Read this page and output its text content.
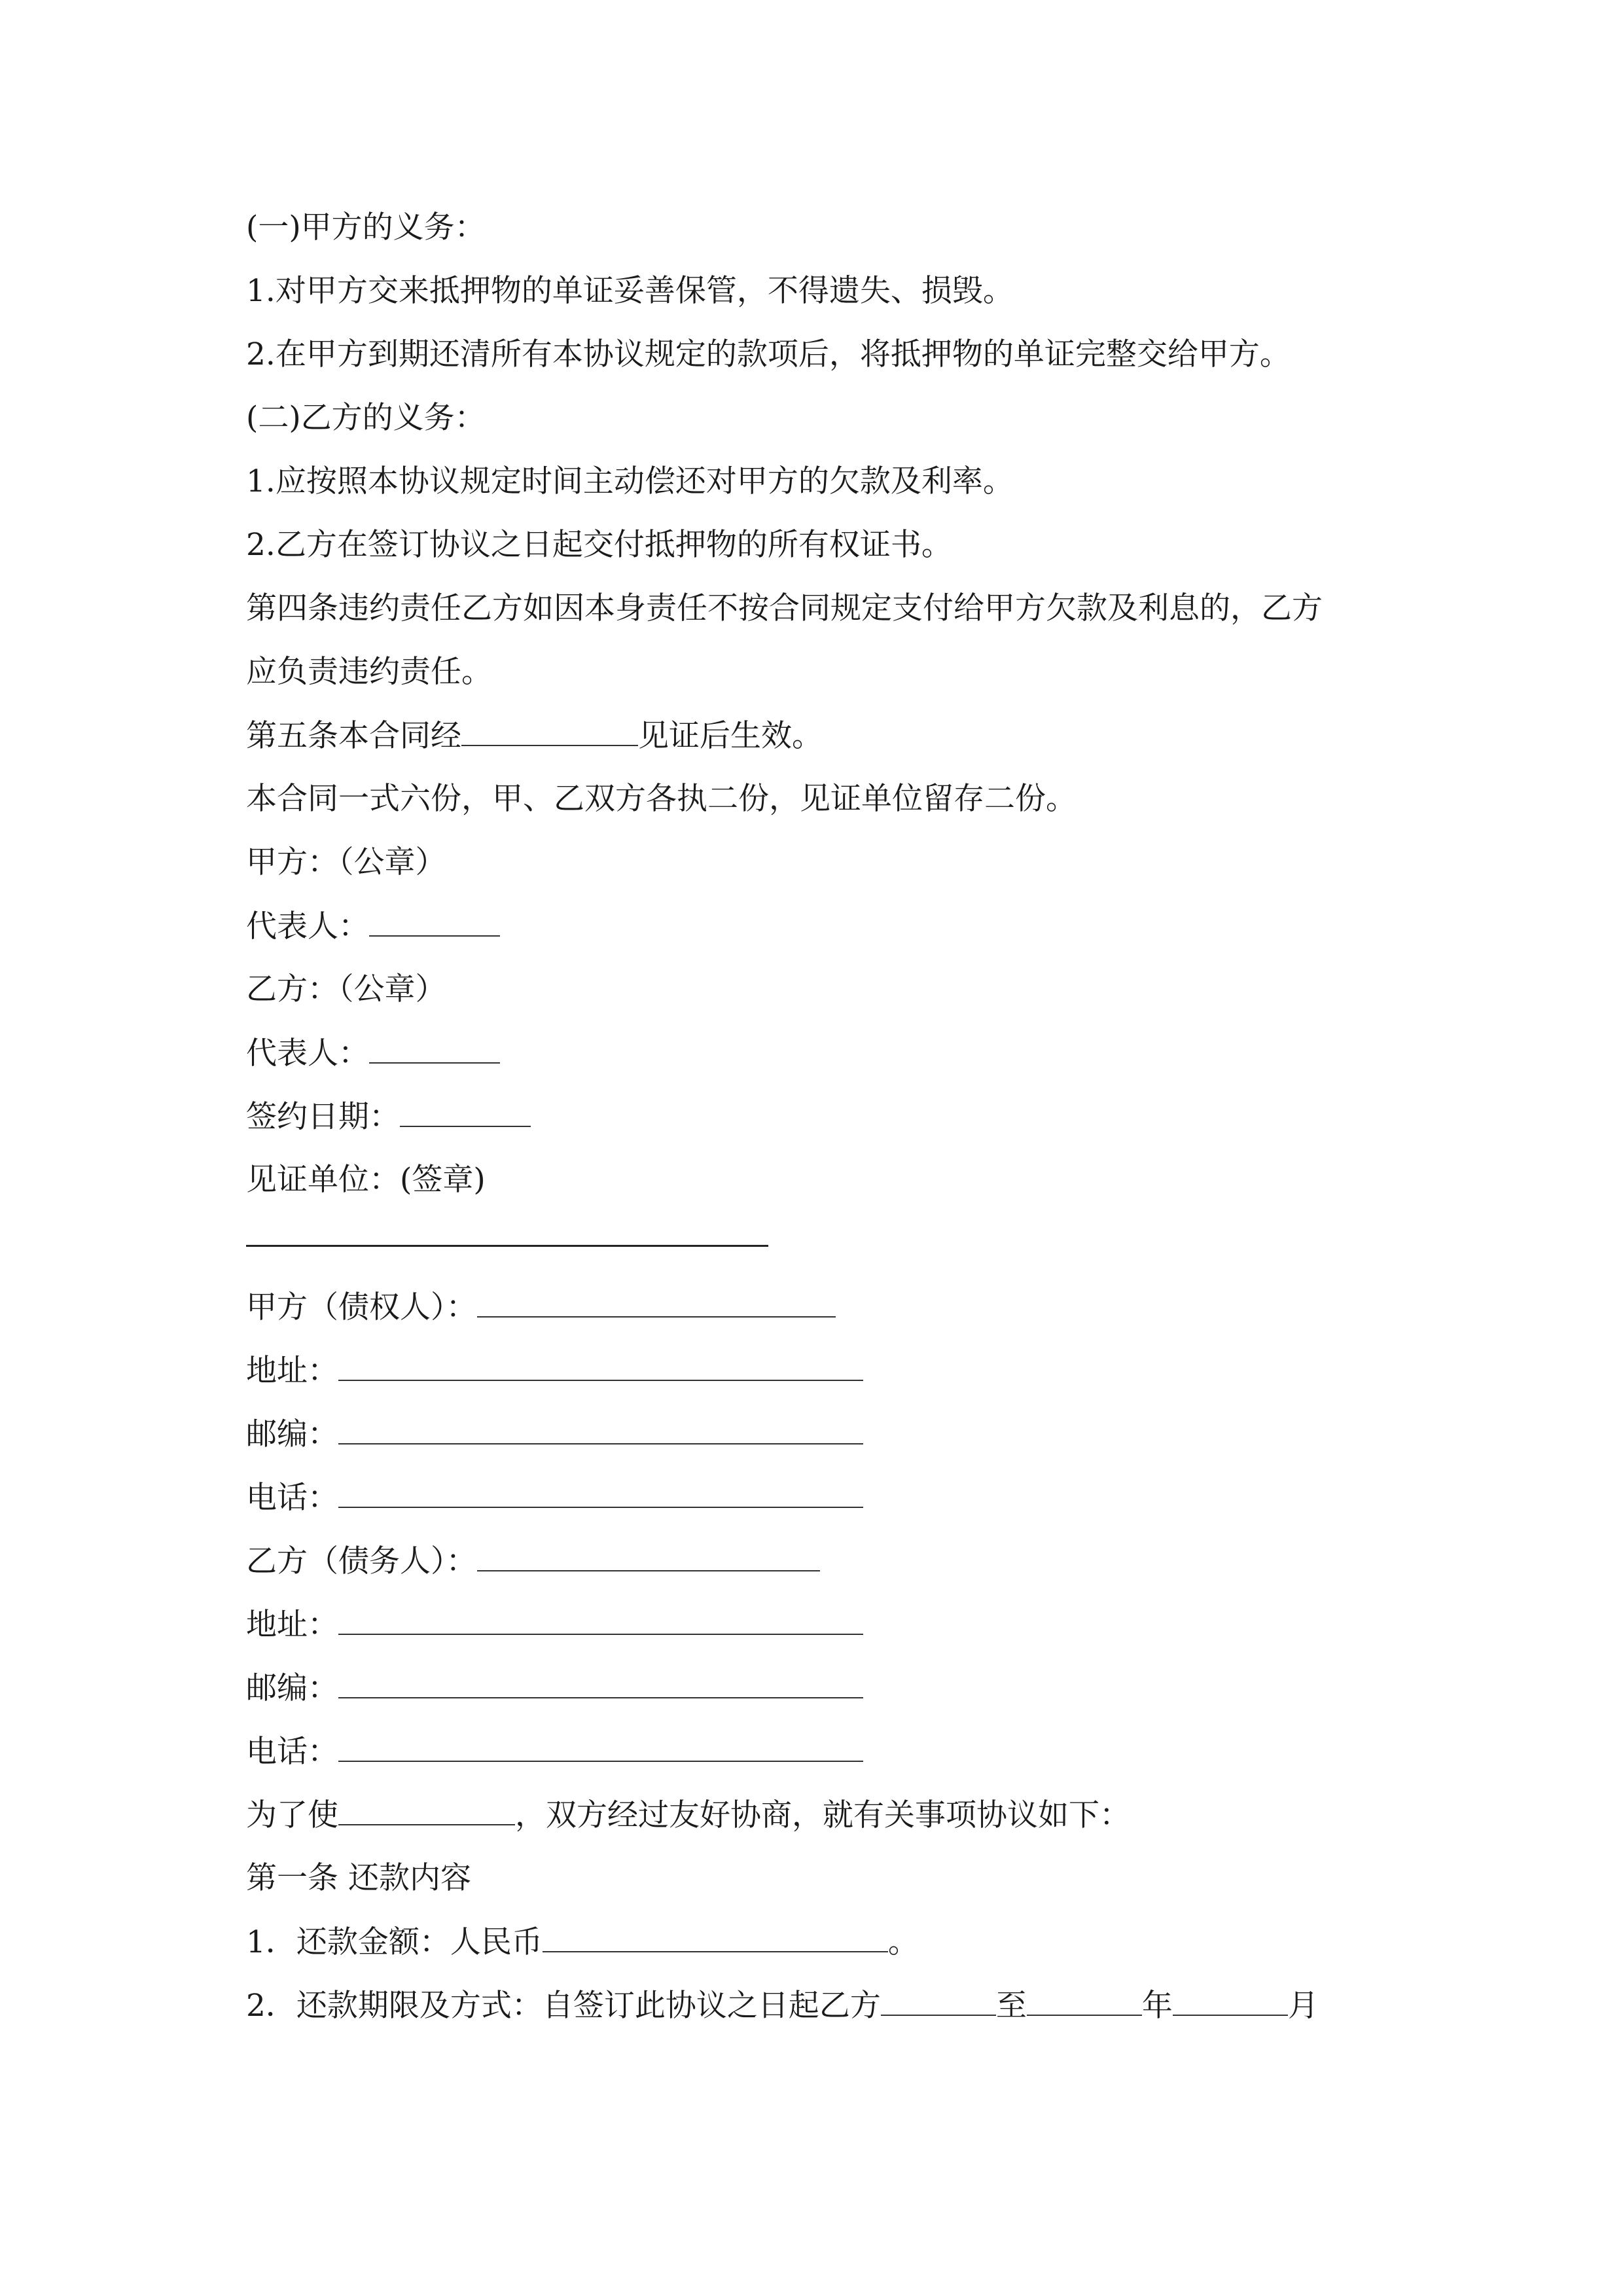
(一)甲方的义务：
1.对甲方交来抵押物的单证妥善保管，不得遗失、损毁。
2.在甲方到期还清所有本协议规定的款项后，将抵押物的单证完整交给甲方。
(二)乙方的义务：
1.应按照本协议规定时间主动偿还对甲方的欠款及利率。
2.乙方在签订协议之日起交付抵押物的所有权证书。
第四条违约责任乙方如因本身责任不按合同规定支付给甲方欠款及利息的，乙方
应负责违约责任。
第五条本合同经	见证后生效。
本合同一式六份，甲、乙双方各执二份，见证单位留存二份。
甲方：（公章）
代表人：
乙方：（公章）
代表人：
签约日期：
见证单位：(签章)
甲方（债权人）：
地址：
邮编：
电话：
乙方（债务人）：
地址：
邮编：
电话：
为了使	，双方经过友好协商，就有关事项协议如下：
第一条 还款内容
1．还款金额：人民币	。
2．还款期限及方式：自签订此协议之日起乙方	至	年	月
